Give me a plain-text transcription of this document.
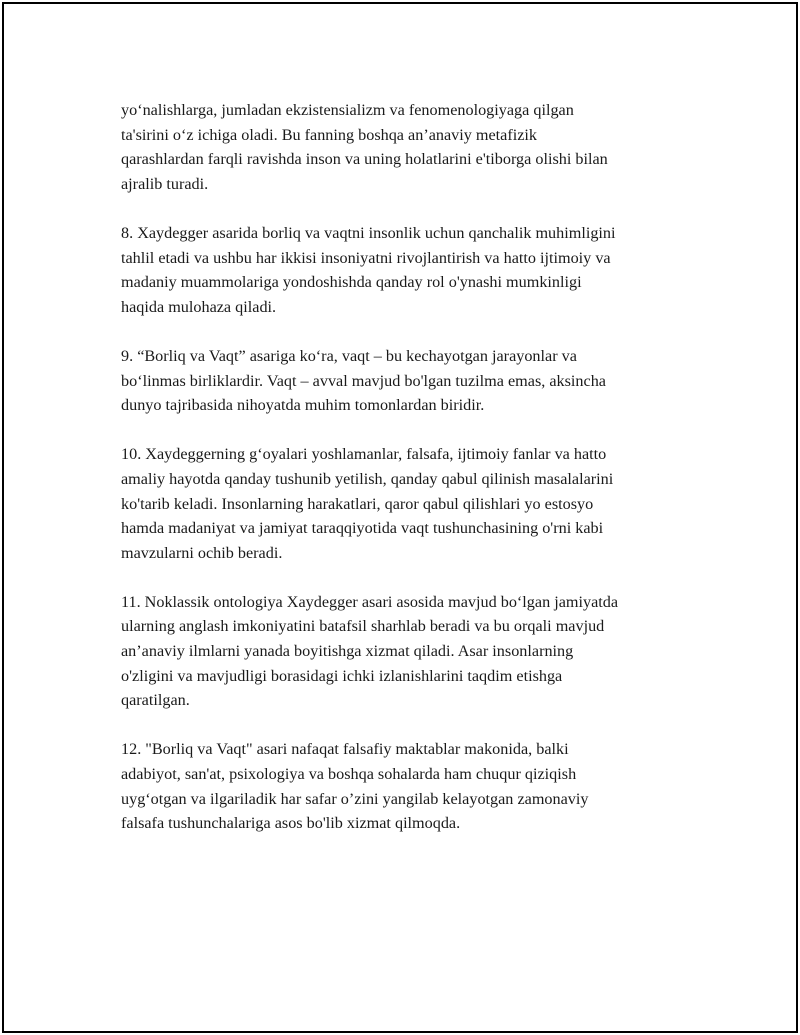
yo‘nalishlarga, jumladan ekzistensializm va fenomenologiyaga qilgan
ta'sirini o‘z ichiga oladi. Bu fanning boshqa an’anaviy metafizik
qarashlardan farqli ravishda inson va uning holatlarini e'tiborga olishi bilan
ajralib turadi.

8. Xaydegger asarida borliq va vaqtni insonlik uchun qanchalik muhimligini
tahlil etadi va ushbu har ikkisi insoniyatni rivojlantirish va hatto ijtimoiy va
madaniy muammolariga yondoshishda qanday rol o'ynashi mumkinligi
haqida mulohaza qiladi.

9. “Borliq va Vaqt” asariga ko‘ra, vaqt – bu kechayotgan jarayonlar va
bo‘linmas birliklardir. Vaqt – avval mavjud bo'lgan tuzilma emas, aksincha
dunyo tajribasida nihoyatda muhim tomonlardan biridir.

10. Xaydeggerning g‘oyalari yoshlamanlar, falsafa, ijtimoiy fanlar va hatto
amaliy hayotda qanday tushunib yetilish, qanday qabul qilinish masalalarini
ko'tarib keladi. Insonlarning harakatlari, qaror qabul qilishlari yo estosyo
hamda madaniyat va jamiyat taraqqiyotida vaqt tushunchasining o'rni kabi
mavzularni ochib beradi.

11. Noklassik ontologiya Xaydegger asari asosida mavjud bo‘lgan jamiyatda
ularning anglash imkoniyatini batafsil sharhlab beradi va bu orqali mavjud
an’anaviy ilmlarni yanada boyitishga xizmat qiladi. Asar insonlarning
o'zligini va mavjudligi borasidagi ichki izlanishlarini taqdim etishga
qaratilgan.

12. "Borliq va Vaqt" asari nafaqat falsafiy maktablar makonida, balki
adabiyot, san'at, psixologiya va boshqa sohalarda ham chuqur qiziqish
uyg‘otgan va ilgariladik har safar o’zini yangilab kelayotgan zamonaviy
falsafa tushunchalariga asos bo'lib xizmat qilmoqda.
